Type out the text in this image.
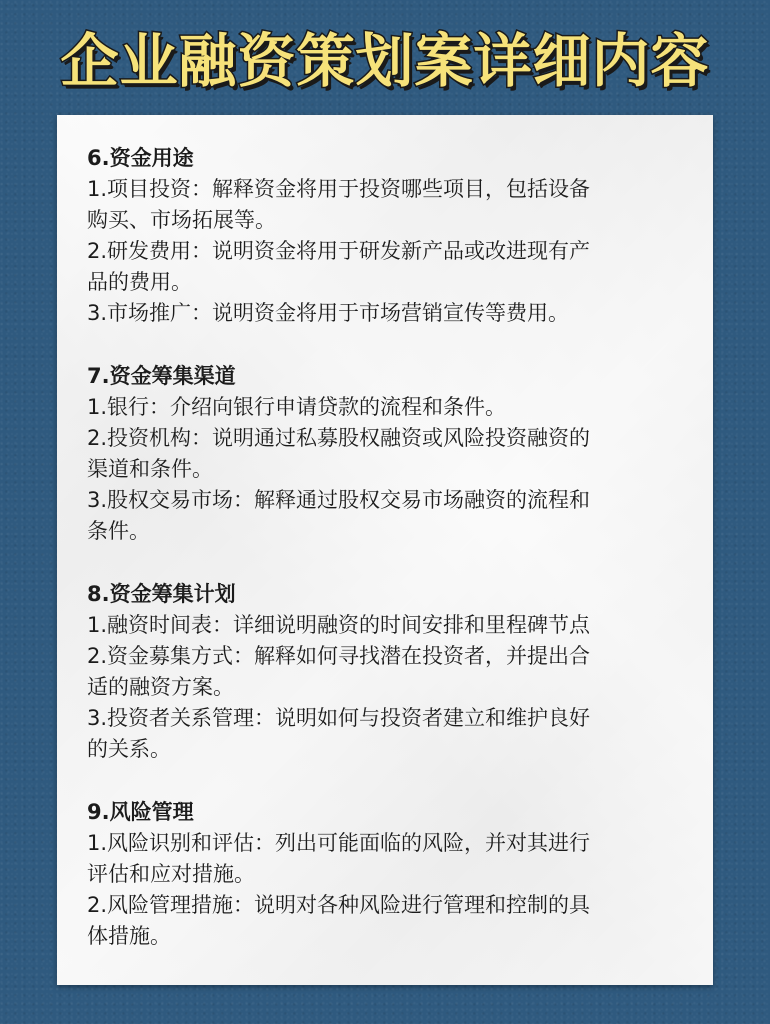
企业融资策划案详细内容
6.资金用途
1.项目投资：解释资金将用于投资哪些项目，包括设备
购买、市场拓展等。
2.研发费用：说明资金将用于研发新产品或改进现有产
品的费用。
3.市场推广：说明资金将用于市场营销宣传等费用。
7.资金筹集渠道
1.银行：介绍向银行申请贷款的流程和条件。
2.投资机构：说明通过私募股权融资或风险投资融资的
渠道和条件。
3.股权交易市场：解释通过股权交易市场融资的流程和
条件。
8.资金筹集计划
1.融资时间表：详细说明融资的时间安排和里程碑节点
2.资金募集方式：解释如何寻找潜在投资者，并提出合
适的融资方案。
3.投资者关系管理：说明如何与投资者建立和维护良好
的关系。
9.风险管理
1.风险识别和评估：列出可能面临的风险，并对其进行
评估和应对措施。
2.风险管理措施：说明对各种风险进行管理和控制的具
体措施。
